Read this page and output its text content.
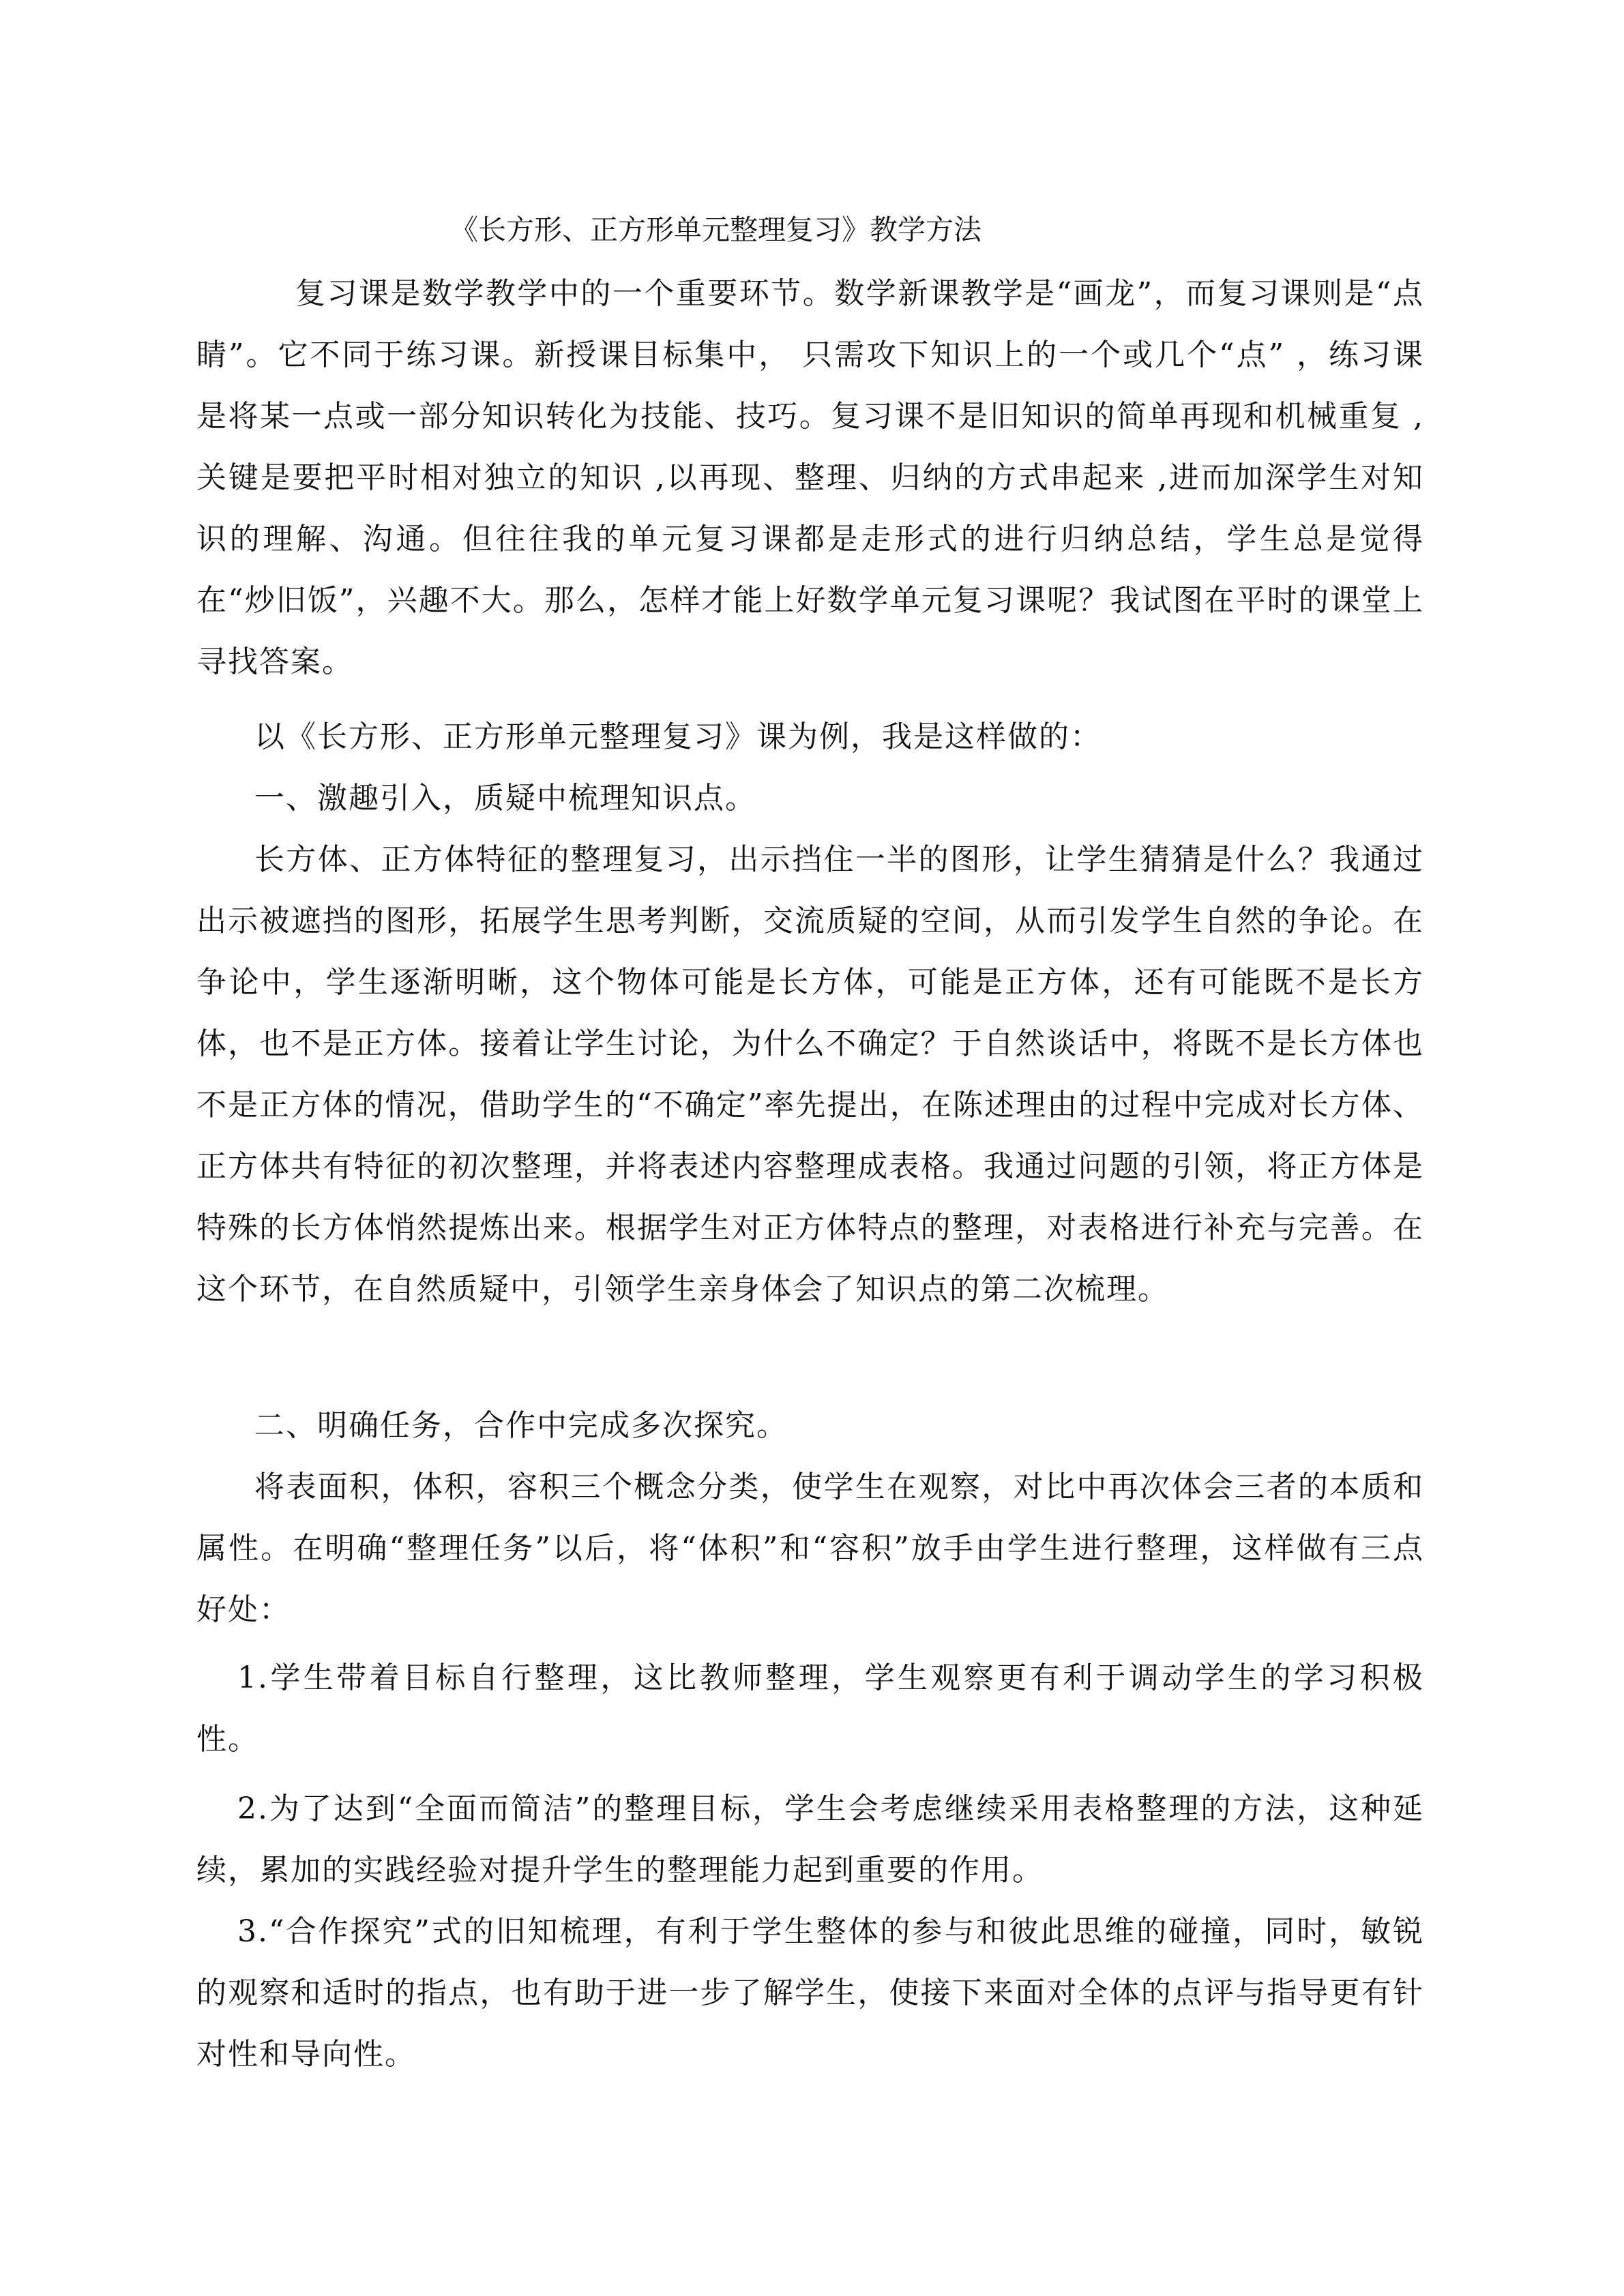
《长方形、正方形单元整理复习》教学方法

复习课是数学教学中的一个重要环节。数学新课教学是“画龙”，而复习课则是“点睛”。它不同于练习课。新授课目标集中， 只需攻下知识上的一个或几个“点” ，练习课是将某一点或一部分知识转化为技能、技巧。复习课不是旧知识的简单再现和机械重复 ,关键是要把平时相对独立的知识 ,以再现、整理、归纳的方式串起来 ,进而加深学生对知识的理解、沟通。但往往我的单元复习课都是走形式的进行归纳总结，学生总是觉得在“炒旧饭”，兴趣不大。那么，怎样才能上好数学单元复习课呢？我试图在平时的课堂上寻找答案。

以《长方形、正方形单元整理复习》课为例，我是这样做的：

一、激趣引入，质疑中梳理知识点。

长方体、正方体特征的整理复习，出示挡住一半的图形，让学生猜猜是什么？我通过出示被遮挡的图形，拓展学生思考判断，交流质疑的空间，从而引发学生自然的争论。在争论中，学生逐渐明晰，这个物体可能是长方体，可能是正方体，还有可能既不是长方体，也不是正方体。接着让学生讨论，为什么不确定？于自然谈话中，将既不是长方体也不是正方体的情况，借助学生的“不确定”率先提出，在陈述理由的过程中完成对长方体、正方体共有特征的初次整理，并将表述内容整理成表格。我通过问题的引领，将正方体是特殊的长方体悄然提炼出来。根据学生对正方体特点的整理，对表格进行补充与完善。在这个环节，在自然质疑中，引领学生亲身体会了知识点的第二次梳理。

二、明确任务，合作中完成多次探究。

将表面积，体积，容积三个概念分类，使学生在观察，对比中再次体会三者的本质和属性。在明确“整理任务”以后，将“体积”和“容积”放手由学生进行整理，这样做有三点好处：

1.学生带着目标自行整理，这比教师整理，学生观察更有利于调动学生的学习积极性。

2.为了达到“全面而简洁”的整理目标，学生会考虑继续采用表格整理的方法，这种延续，累加的实践经验对提升学生的整理能力起到重要的作用。

3.“合作探究”式的旧知梳理，有利于学生整体的参与和彼此思维的碰撞，同时，敏锐的观察和适时的指点，也有助于进一步了解学生，使接下来面对全体的点评与指导更有针对性和导向性。
